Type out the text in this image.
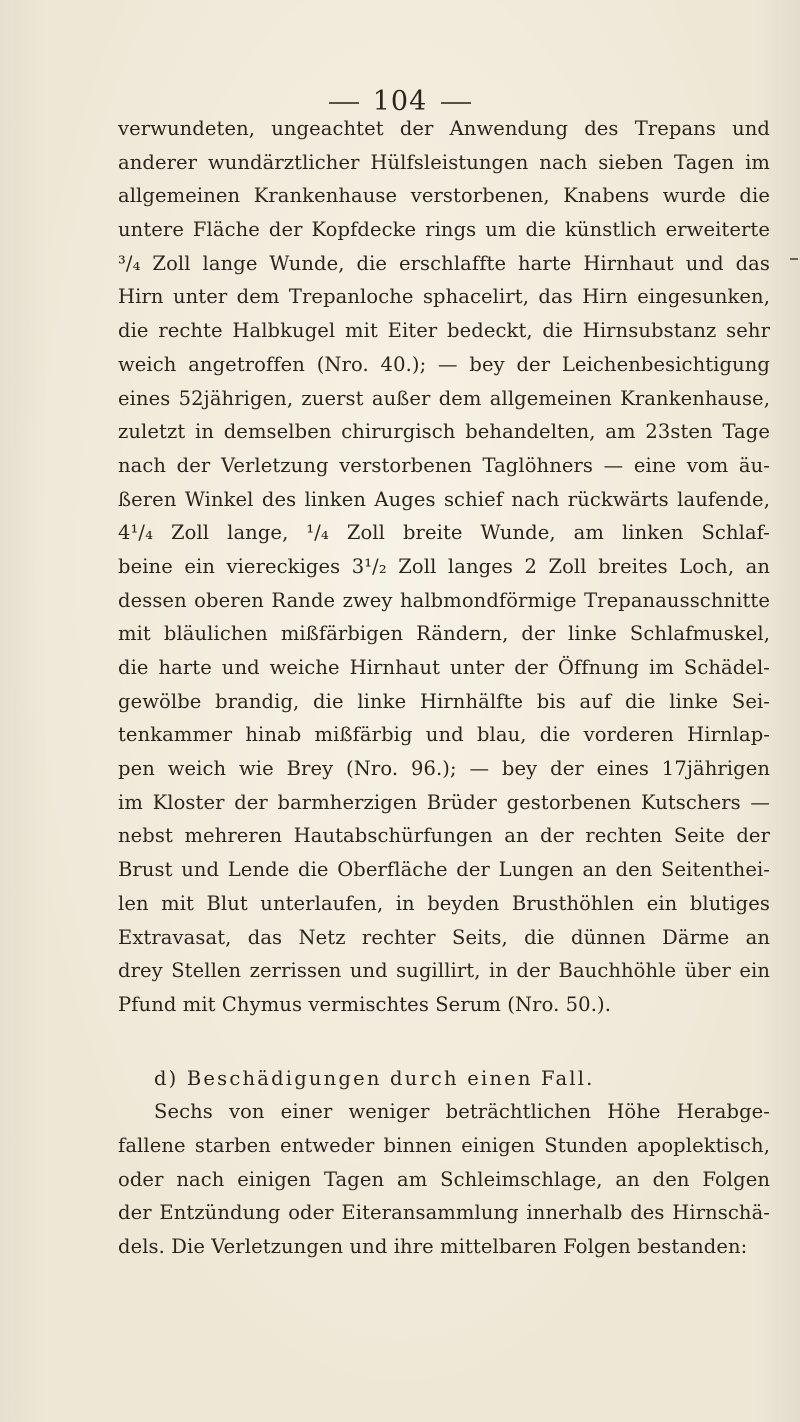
104
verwundeten, ungeachtet der Anwendung des Trepans und
anderer wundärztlicher Hülfsleistungen nach sieben Tagen im
allgemeinen Krankenhause verstorbenen, Knabens wurde die
untere Fläche der Kopfdecke rings um die künstlich erweiterte
³/₄ Zoll lange Wunde, die erschlaffte harte Hirnhaut und das
Hirn unter dem Trepanloche sphacelirt, das Hirn eingesunken,
die rechte Halbkugel mit Eiter bedeckt, die Hirnsubstanz sehr
weich angetroffen (Nro. 40.); — bey der Leichenbesichtigung
eines 52jährigen, zuerst außer dem allgemeinen Krankenhause,
zuletzt in demselben chirurgisch behandelten, am 23sten Tage
nach der Verletzung verstorbenen Taglöhners — eine vom äu-
ßeren Winkel des linken Auges schief nach rückwärts laufende,
4¹/₄ Zoll lange, ¹/₄ Zoll breite Wunde, am linken Schlaf-
beine ein viereckiges 3¹/₂ Zoll langes 2 Zoll breites Loch, an
dessen oberen Rande zwey halbmondförmige Trepanausschnitte
mit bläulichen mißfärbigen Rändern, der linke Schlafmuskel,
die harte und weiche Hirnhaut unter der Öffnung im Schädel-
gewölbe brandig, die linke Hirnhälfte bis auf die linke Sei-
tenkammer hinab mißfärbig und blau, die vorderen Hirnlap-
pen weich wie Brey (Nro. 96.); — bey der eines 17jährigen
im Kloster der barmherzigen Brüder gestorbenen Kutschers —
nebst mehreren Hautabschürfungen an der rechten Seite der
Brust und Lende die Oberfläche der Lungen an den Seitenthei-
len mit Blut unterlaufen, in beyden Brusthöhlen ein blutiges
Extravasat, das Netz rechter Seits, die dünnen Därme an
drey Stellen zerrissen und sugillirt, in der Bauchhöhle über ein
Pfund mit Chymus vermischtes Serum (Nro. 50.).
d) Beschädigungen durch einen Fall.
Sechs von einer weniger beträchtlichen Höhe Herabge-
fallene starben entweder binnen einigen Stunden apoplektisch,
oder nach einigen Tagen am Schleimschlage, an den Folgen
der Entzündung oder Eiteransammlung innerhalb des Hirnschä-
dels. Die Verletzungen und ihre mittelbaren Folgen bestanden:
